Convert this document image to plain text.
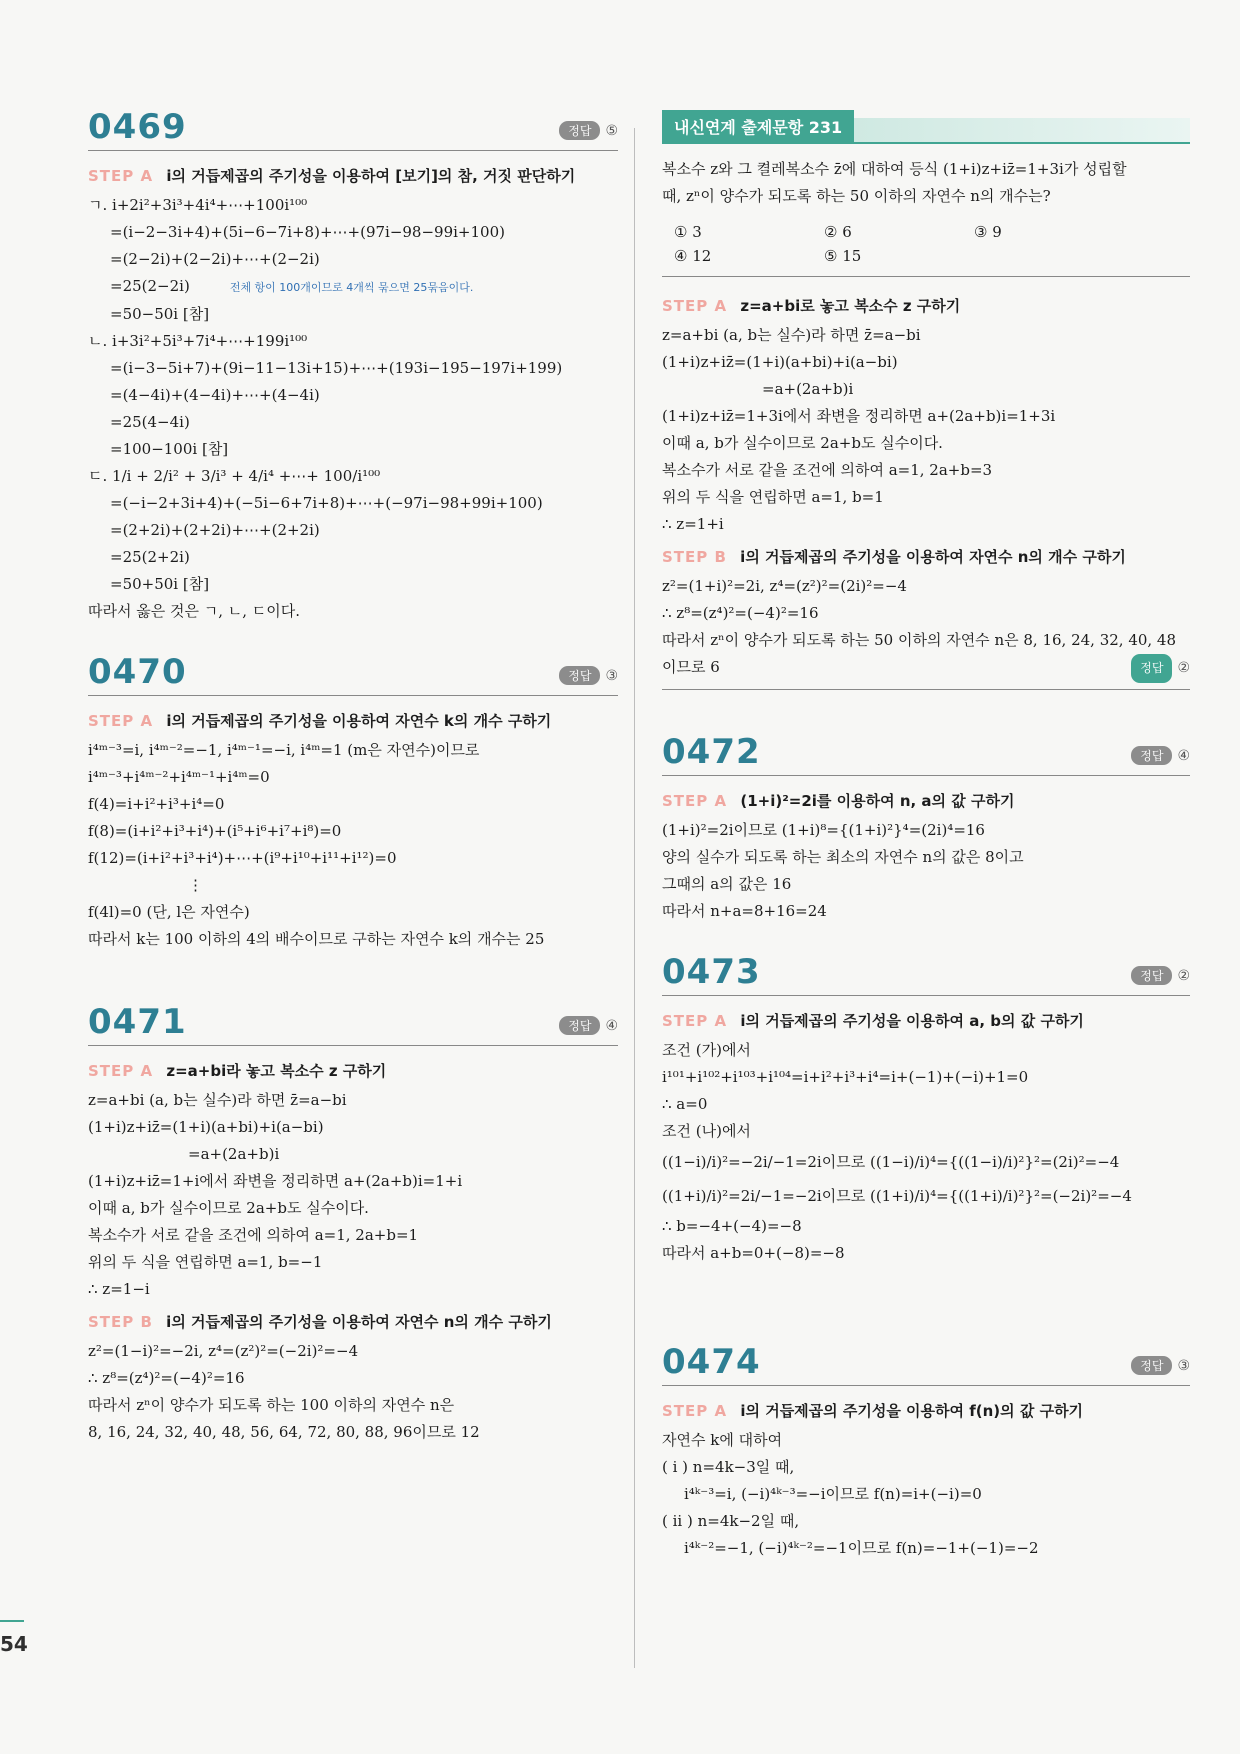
54
0469	정답	⑤
STEP A i의 거듭제곱의 주기성을 이용하여 [보기]의 참, 거짓 판단하기
ㄱ. i+2i²+3i³+4i⁴+⋯+100i¹⁰⁰
=(i−2−3i+4)+(5i−6−7i+8)+⋯+(97i−98−99i+100)
=(2−2i)+(2−2i)+⋯+(2−2i)
=25(2−2i)	전체 항이 100개이므로 4개씩 묶으면 25묶음이다.
=50−50i [참]
ㄴ. i+3i²+5i³+7i⁴+⋯+199i¹⁰⁰
=(i−3−5i+7)+(9i−11−13i+15)+⋯+(193i−195−197i+199)
=(4−4i)+(4−4i)+⋯+(4−4i)
=25(4−4i)
=100−100i [참]
ㄷ. 1/i + 2/i² + 3/i³ + 4/i⁴ +⋯+ 100/i¹⁰⁰
=(−i−2+3i+4)+(−5i−6+7i+8)+⋯+(−97i−98+99i+100)
=(2+2i)+(2+2i)+⋯+(2+2i)
=25(2+2i)
=50+50i [참]
따라서 옳은 것은 ㄱ, ㄴ, ㄷ이다.
0470	정답	③
STEP A i의 거듭제곱의 주기성을 이용하여 자연수 k의 개수 구하기
i⁴ᵐ⁻³=i, i⁴ᵐ⁻²=−1, i⁴ᵐ⁻¹=−i, i⁴ᵐ=1 (m은 자연수)이므로
i⁴ᵐ⁻³+i⁴ᵐ⁻²+i⁴ᵐ⁻¹+i⁴ᵐ=0
f(4)=i+i²+i³+i⁴=0
f(8)=(i+i²+i³+i⁴)+(i⁵+i⁶+i⁷+i⁸)=0
f(12)=(i+i²+i³+i⁴)+⋯+(i⁹+i¹⁰+i¹¹+i¹²)=0
⋮
f(4l)=0 (단, l은 자연수)
따라서 k는 100 이하의 4의 배수이므로 구하는 자연수 k의 개수는 25
0471	정답	④
STEP A z=a+bi라 놓고 복소수 z 구하기
z=a+bi (a, b는 실수)라 하면 z̄=a−bi
(1+i)z+iz̄=(1+i)(a+bi)+i(a−bi)
=a+(2a+b)i
(1+i)z+iz̄=1+i에서 좌변을 정리하면 a+(2a+b)i=1+i
이때 a, b가 실수이므로 2a+b도 실수이다.
복소수가 서로 같을 조건에 의하여 a=1, 2a+b=1
위의 두 식을 연립하면 a=1, b=−1
∴ z=1−i
STEP B i의 거듭제곱의 주기성을 이용하여 자연수 n의 개수 구하기
z²=(1−i)²=−2i, z⁴=(z²)²=(−2i)²=−4
∴ z⁸=(z⁴)²=(−4)²=16
따라서 zⁿ이 양수가 되도록 하는 100 이하의 자연수 n은
8, 16, 24, 32, 40, 48, 56, 64, 72, 80, 88, 96이므로 12
내신연계 출제문항 231
복소수 z와 그 켤레복소수 z̄에 대하여 등식 (1+i)z+iz̄=1+3i가 성립할
때, zⁿ이 양수가 되도록 하는 50 이하의 자연수 n의 개수는?
① 3	② 6	③ 9
④ 12	⑤ 15
STEP A z=a+bi로 놓고 복소수 z 구하기
z=a+bi (a, b는 실수)라 하면 z̄=a−bi
(1+i)z+iz̄=(1+i)(a+bi)+i(a−bi)
=a+(2a+b)i
(1+i)z+iz̄=1+3i에서 좌변을 정리하면 a+(2a+b)i=1+3i
이때 a, b가 실수이므로 2a+b도 실수이다.
복소수가 서로 같을 조건에 의하여 a=1, 2a+b=3
위의 두 식을 연립하면 a=1, b=1
∴ z=1+i
STEP B i의 거듭제곱의 주기성을 이용하여 자연수 n의 개수 구하기
z²=(1+i)²=2i, z⁴=(z²)²=(2i)²=−4
∴ z⁸=(z⁴)²=(−4)²=16
따라서 zⁿ이 양수가 되도록 하는 50 이하의 자연수 n은 8, 16, 24, 32, 40, 48
이므로 6	정답	②
0472	정답	④
STEP A (1+i)²=2i를 이용하여 n, a의 값 구하기
(1+i)²=2i이므로 (1+i)⁸={(1+i)²}⁴=(2i)⁴=16
양의 실수가 되도록 하는 최소의 자연수 n의 값은 8이고
그때의 a의 값은 16
따라서 n+a=8+16=24
0473	정답	②
STEP A i의 거듭제곱의 주기성을 이용하여 a, b의 값 구하기
조건 (가)에서
i¹⁰¹+i¹⁰²+i¹⁰³+i¹⁰⁴=i+i²+i³+i⁴=i+(−1)+(−i)+1=0
∴ a=0
조건 (나)에서
((1−i)/i)²=−2i/−1=2i이므로 ((1−i)/i)⁴={((1−i)/i)²}²=(2i)²=−4
((1+i)/i)²=2i/−1=−2i이므로 ((1+i)/i)⁴={((1+i)/i)²}²=(−2i)²=−4
∴ b=−4+(−4)=−8
따라서 a+b=0+(−8)=−8
0474	정답	③
STEP A i의 거듭제곱의 주기성을 이용하여 f(n)의 값 구하기
자연수 k에 대하여
( i ) n=4k−3일 때,
i⁴ᵏ⁻³=i, (−i)⁴ᵏ⁻³=−i이므로 f(n)=i+(−i)=0
( ii ) n=4k−2일 때,
i⁴ᵏ⁻²=−1, (−i)⁴ᵏ⁻²=−1이므로 f(n)=−1+(−1)=−2
